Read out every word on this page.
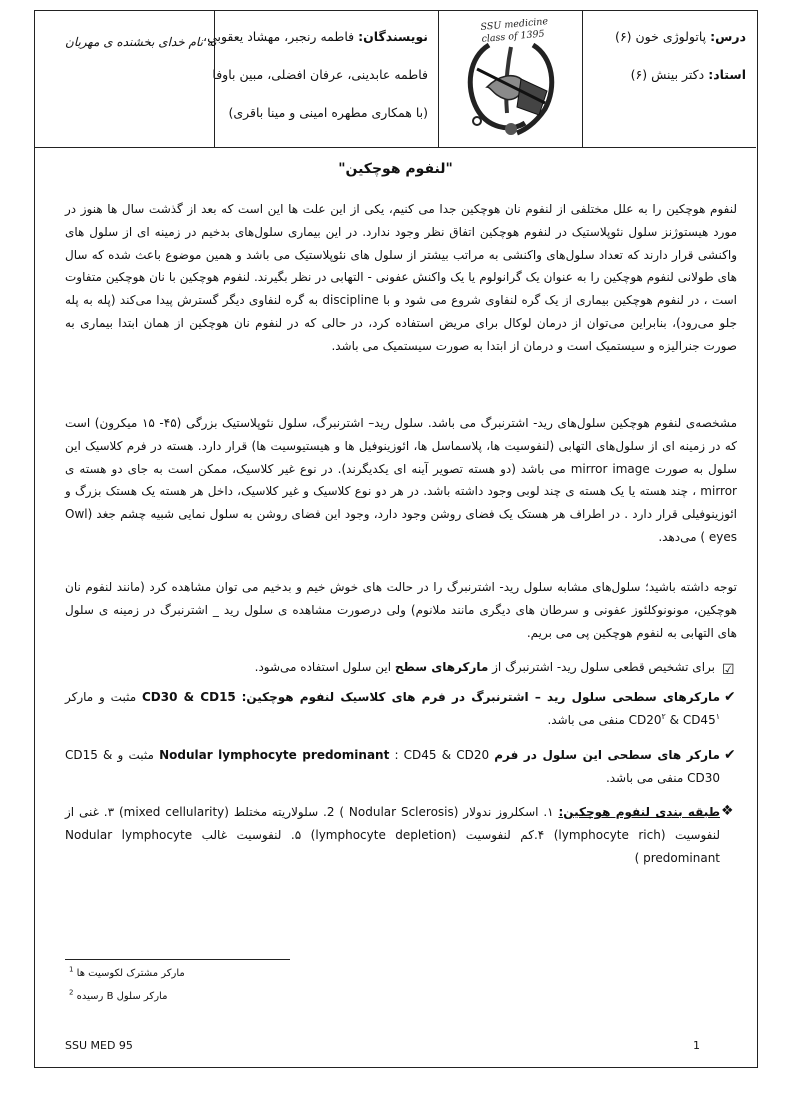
درس: پاتولوژی خون (۶)
استاد: دکتر بینش (۶)
SSU medicine
class of 1395
نویسندگان: فاطمه رنجبر، مهشاد یعقوبی،
فاطمه عابدینی، عرفان افضلی، مبین باوفا
(با همکاری مطهره امینی و مینا باقری)
به نام خدای بخشنده ی مهربان
"لنفوم هوچکین"

لنفوم هوچکین را به علل مختلفی از لنفوم نان هوچکین جدا می کنیم، یکی از این علت ها این است که بعد از گذشت سال ها هنوز در مورد هیستوژنز سلول نئوپلاستیک در لنفوم هوچکین اتفاق نظر وجود ندارد. در این بیماری سلول‌های بدخیم در زمینه ای از سلول های واکنشی قرار دارند که تعداد سلول‌های واکنشی به مراتب بیشتر از سلول های نئوپلاستیک می باشد و همین موضوع باعث شده که سال های طولانی لنفوم هوچکین را به عنوان یک گرانولوم یا یک واکنش عفونی - التهابی در نظر بگیرند. لنفوم هوچکین با نان هوچکین متفاوت است ، در لنفوم هوچکین بیماری از یک گره لنفاوی شروع می شود و با discipline به گره لنفاوی دیگر گسترش پیدا می‌کند (پله به پله جلو می‌رود)، بنابراین می‌توان از درمان لوکال برای مریض استفاده کرد، در حالی که در لنفوم نان هوچکین از همان ابتدا بیماری به صورت جنرالیزه و سیستمیک است و درمان از ابتدا به صورت سیستمیک می باشد.

مشخصه‌ی لنفوم هوچکین سلول‌های رید- اشترنبرگ می باشد. سلول رید– اشترنبرگ، سلول نئوپلاستیک بزرگی (۴۵- ۱۵ میکرون) است که در زمینه ای از سلول‌های التهابی (لنفوسیت ها، پلاسماسل ها، ائوزینوفیل ها و هیستیوسیت ها) قرار دارد. هسته در فرم کلاسیک این سلول به صورت mirror image می باشد (دو هسته تصویر آینه ای یکدیگرند). در نوع غیر کلاسیک، ممکن است به جای دو هسته ی mirror ، چند هسته یا یک هسته ی چند لوبی وجود داشته باشد. در هر دو نوع کلاسیک و غیر کلاسیک، داخل هر هسته یک هستک بزرگ و ائوزینوفیلی قرار دارد . در اطراف هر هستک یک فضای روشن وجود دارد، وجود این فضای روشن به سلول نمایی شبیه چشم جغد (Owl eyes ) می‌دهد.

توجه داشته باشید؛ سلول‌های مشابه سلول رید- اشترنبرگ را در حالت های خوش خیم و بدخیم می توان مشاهده کرد (مانند لنفوم نان هوچکین، مونونوکلئوز عفونی و سرطان های دیگری مانند ملانوم) ولی درصورت مشاهده ی سلول رید _ اشترنبرگ در زمینه ی سلول های التهابی به لنفوم هوچکین پی می بریم.

☑

برای تشخیص قطعی سلول رید- اشترنبرگ از مارکرهای سطح این سلول استفاده می‌شود.

✔

مارکرهای سطحی سلول رید – اشترنبرگ در فرم های کلاسیک لنفوم هوچکین: CD30 & CD15 مثبت و مارکر $CD20^۲$ & $CD45^۱$ منفی می باشد.

✔

مارکر های سطحی این سلول در فرم Nodular lymphocyte predominant : CD45 & CD20 مثبت و CD15 & CD30 منفی می باشد.

❖

طبقه بندی لنفوم هوچکین: ۱. اسکلروز ندولار (Nodular Sclerosis ) 2. سلولاریته مختلط (mixed cellularity) ۳. غنی از لنفوسیت (lymphocyte rich) ۴.کم لنفوسیت (lymphocyte depletion) ۵. لنفوسیت غالب Nodular lymphocyte predominant )

مارکر مشترک لکوسیت ها $^1$
مارکر سلول B رسیده $^2$
SSU MED 95	1
